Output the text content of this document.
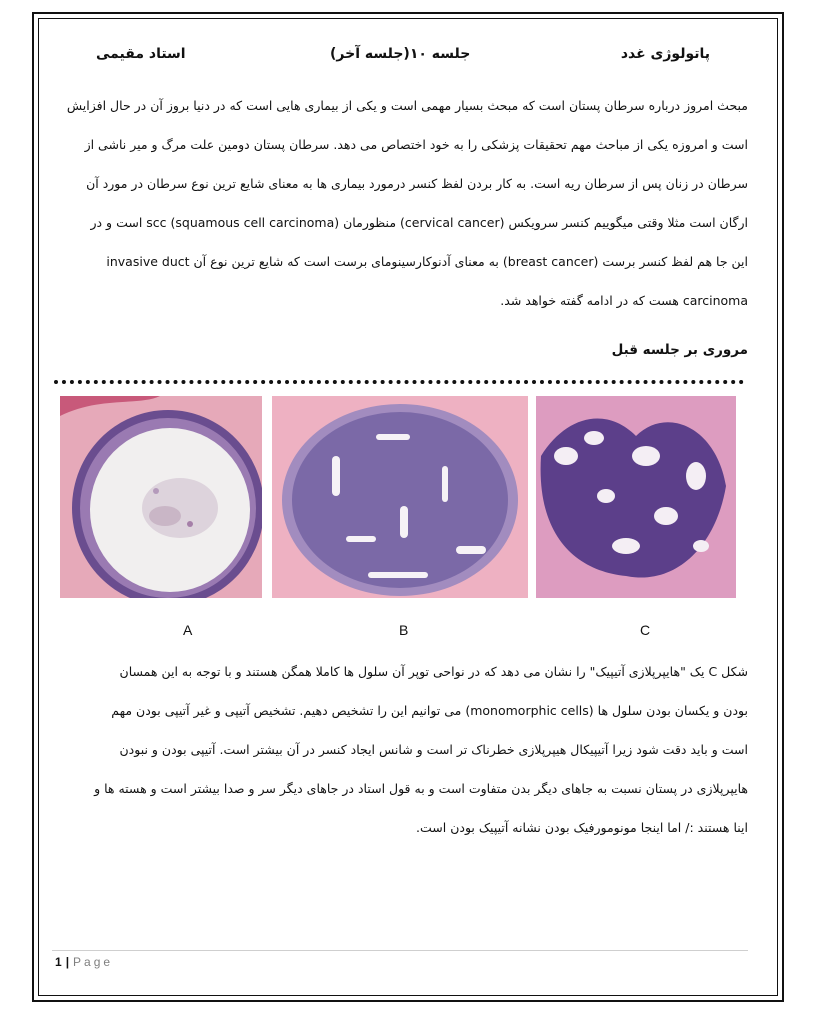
پاتولوژی غدد
جلسه ۱۰(جلسه آخر)
استاد مقیمی
مبحث امروز درباره سرطان پستان است که مبحث بسیار مهمی است و یکی از بیماری هایی است که در دنیا بروز آن در حال افزایش
است و امروزه یکی از مباحث مهم تحقیقات پزشکی را به خود اختصاص می دهد. سرطان پستان دومین علت مرگ و میر ناشی از
سرطان در زنان پس از سرطان ریه است. به کار بردن لفظ کنسر درمورد بیماری ها به معنای شایع ترین نوع سرطان در مورد آن
ارگان است مثلا وقتی میگوییم کنسر سرویکس (cervical cancer) منظورمان scc (squamous cell carcinoma) است و در
این جا هم لفظ کنسر برست (breast cancer) به معنای آدنوکارسینومای برست است که شایع ترین نوع آن invasive duct
carcinoma هست که در ادامه گفته خواهد شد.
مروری بر جلسه قبل
A	B	C
شکل C یک "هایپرپلازی آتیپیک" را نشان می دهد که در نواحی توپر آن سلول ها کاملا همگن هستند و با توجه به این همسان
بودن و یکسان بودن سلول ها (monomorphic cells) می توانیم این را تشخیص دهیم. تشخیص آتیپی و غیر آتیپی بودن مهم
است و باید دقت شود زیرا آتیپیکال هیپرپلازی خطرناک تر است و شانس ایجاد کنسر در آن بیشتر است. آتیپی بودن و نبودن
هایپرپلازی در پستان نسبت به جاهای دیگر بدن متفاوت است و به قول استاد در جاهای دیگر سر و صدا بیشتر است و هسته ها و
اینا هستند :/ اما اینجا مونومورفیک بودن نشانه آتیپیک بودن است.
1 | Page
